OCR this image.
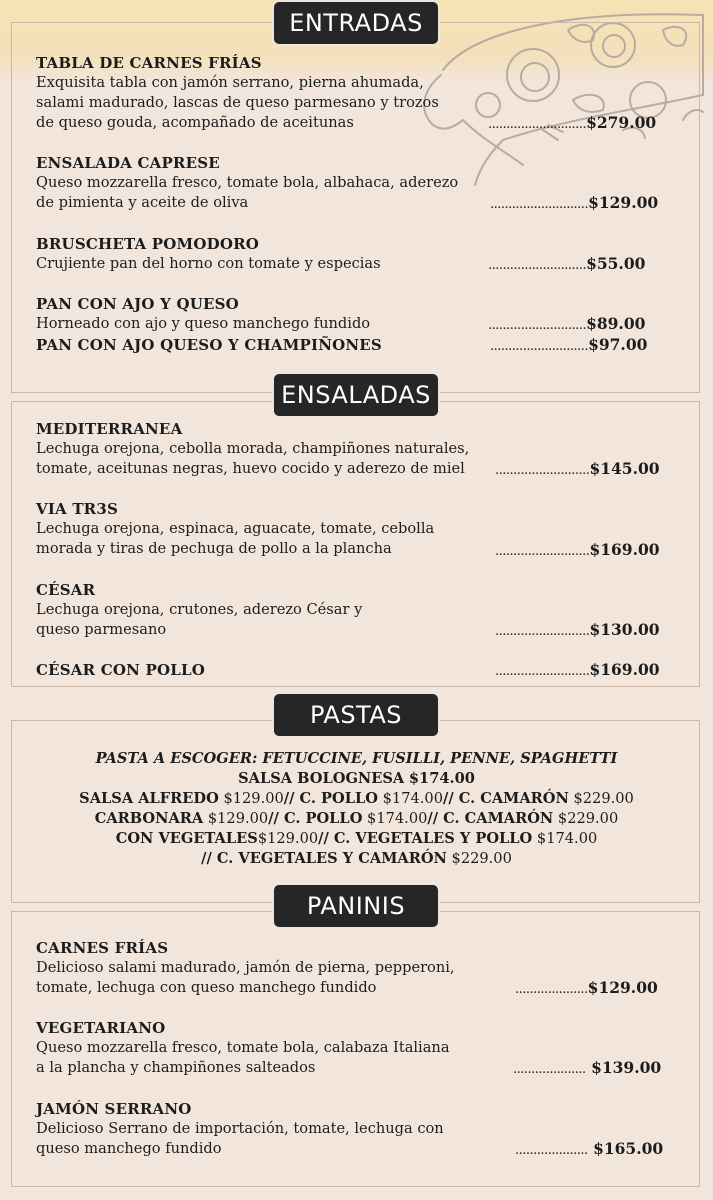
ENTRADAS
TABLA DE CARNES FRÍAS
Exquisita tabla con jamón serrano, pierna ahumada,
salami madurado, lascas de queso parmesano y trozos
de queso gouda, acompañado de aceitunas	...........................$279.00
ENSALADA CAPRESE
Queso mozzarella fresco, tomate bola, albahaca, aderezo
de pimienta y aceite de oliva	...........................$129.00
BRUSCHETA POMODORO
Crujiente pan del horno con tomate y especias	...........................$55.00
PAN CON AJO Y QUESO
Horneado con ajo y queso manchego fundido	...........................$89.00
PAN CON AJO QUESO Y CHAMPIÑONES	...........................$97.00
ENSALADAS
MEDITERRANEA
Lechuga orejona, cebolla morada, champiñones naturales,
tomate, aceitunas negras, huevo cocido y aderezo de miel	..........................$145.00
VIA TR3S
Lechuga orejona, espinaca, aguacate, tomate, cebolla
morada y tiras de pechuga de pollo a la plancha	..........................$169.00
CÉSAR
Lechuga orejona, crutones, aderezo César y
queso parmesano	..........................$130.00
CÉSAR CON POLLO	..........................$169.00
PASTAS
PASTA A ESCOGER: FETUCCINE, FUSILLI, PENNE, SPAGHETTI
SALSA BOLOGNESA $174.00
SALSA ALFREDO $129.00// C. POLLO $174.00// C. CAMARÓN $229.00
CARBONARA $129.00// C. POLLO $174.00// C. CAMARÓN $229.00
CON VEGETALES$129.00// C. VEGETALES Y POLLO $174.00
// C. VEGETALES Y CAMARÓN $229.00
PANINIS
CARNES FRÍAS
Delicioso salami madurado, jamón de pierna, pepperoni,
tomate, lechuga con queso manchego fundido	....................$129.00
VEGETARIANO
Queso mozzarella fresco, tomate bola, calabaza Italiana
a la plancha y champiñones salteados	.................... $139.00
JAMÓN SERRANO
Delicioso Serrano de importación, tomate, lechuga con
queso manchego fundido	.................... $165.00
